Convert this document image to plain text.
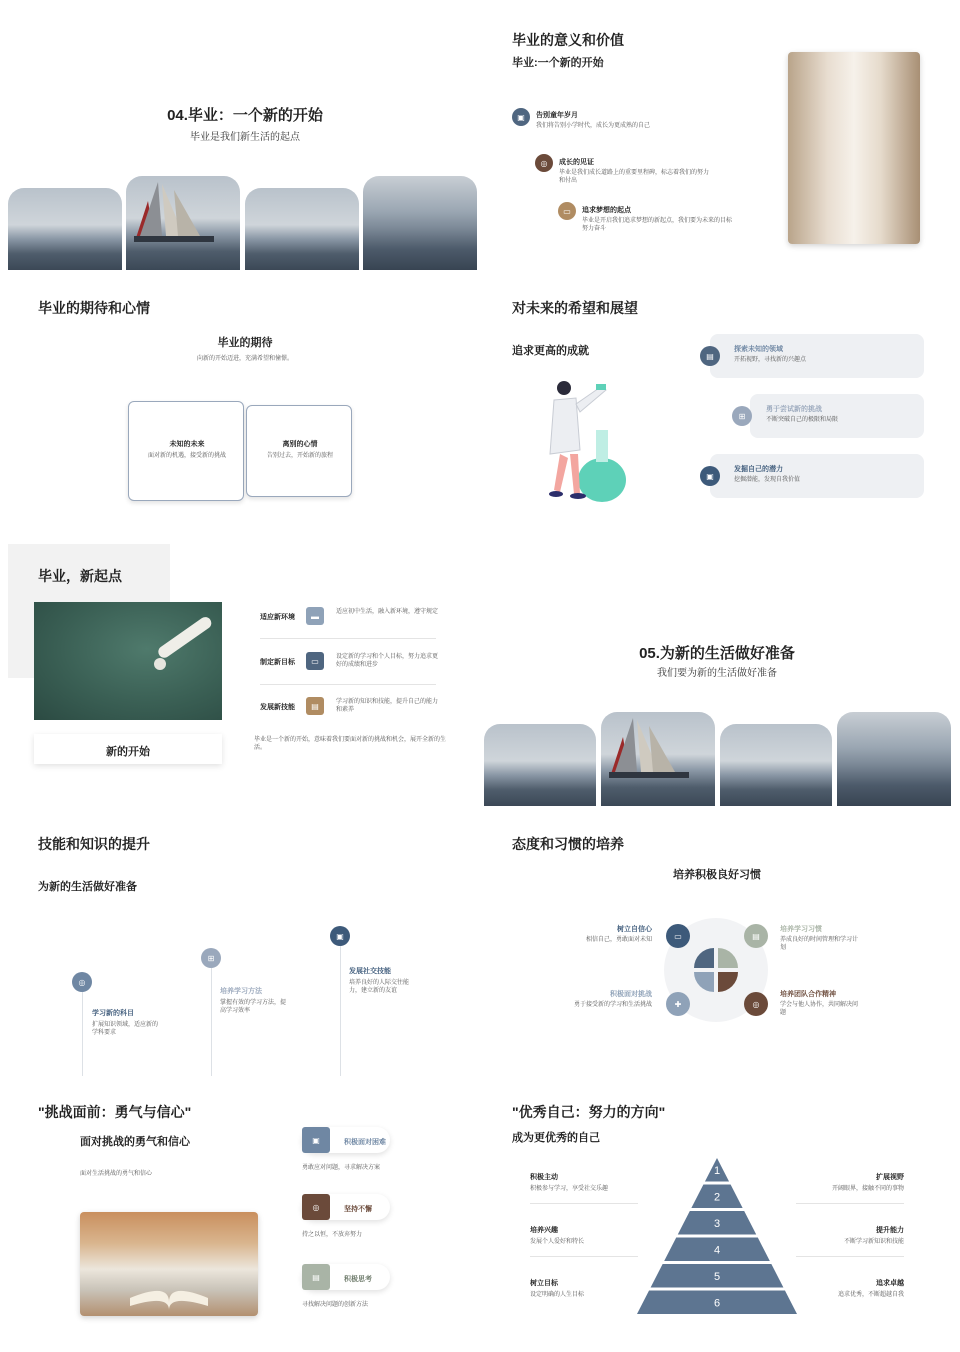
04.毕业：一个新的开始
毕业是我们新生活的起点
毕业的意义和价值
毕业:一个新的开始
▣	告别童年岁月
我们将告别小学时代，成长为更成熟的自己
◎	成长的见证
毕业是我们成长道路上的重要里程碑，标志着我们的努力和付出
▭	追求梦想的起点
毕业是开启我们追求梦想的新起点，我们要为未来的目标努力奋斗
毕业的期待和心情
毕业的期待
向新的开始迈进，充满希望和憧憬。
未知的未来
面对新的机遇，接受新的挑战
离别的心情
告别过去，开始新的旅程
对未来的希望和展望
追求更高的成就	▤
探索未知的领域
开拓视野，寻找新的兴趣点
⊞
勇于尝试新的挑战
不断突破自己的极限和局限
▣
发掘自己的潜力
挖掘潜能，发现自我价值
毕业，新起点
新的开始
适应新环境	▬	适应初中生活，融入新环境，遵守规定
制定新目标	▭	设定新的学习和个人目标，努力追求更好的成绩和进步
发展新技能	▤	学习新的知识和技能，提升自己的能力和素养
毕业是一个新的开始，意味着我们要面对新的挑战和机会，展开全新的生活。
05.为新的生活做好准备
我们要为新的生活做好准备
技能和知识的提升
为新的生活做好准备
◎
学习新的科目
扩展知识领域，适应新的学科要求
⊞
培养学习方法
掌握有效的学习方法，提高学习效率
▣
发展社交技能
培养良好的人际交往能力，建立新的友谊
态度和习惯的培养
培养积极良好习惯
▭
树立自信心
相信自己，勇敢面对未知	▤
培养学习习惯
养成良好的时间管理和学习计划
✚
积极面对挑战
勇于接受新的学习和生活挑战	◎
培养团队合作精神
学会与他人协作，共同解决问题
"挑战面前：勇气与信心"
面对挑战的勇气和信心
面对生活挑战的勇气和信心
▣	积极面对困难
勇敢应对问题，寻求解决方案
◎	坚持不懈
持之以恒，不放弃努力
▤	积极思考
寻找解决问题的创新方法
"优秀自己：努力的方向"
成为更优秀的自己
积极主动
积极参与学习，享受社交乐趣
培养兴趣
发展个人爱好和特长
树立目标
设定明确的人生目标
扩展视野
开阔眼界，接触不同的事物
提升能力
不断学习新知识和技能
追求卓越
追求优秀，不断超越自我
1
2
3
4
5
6
